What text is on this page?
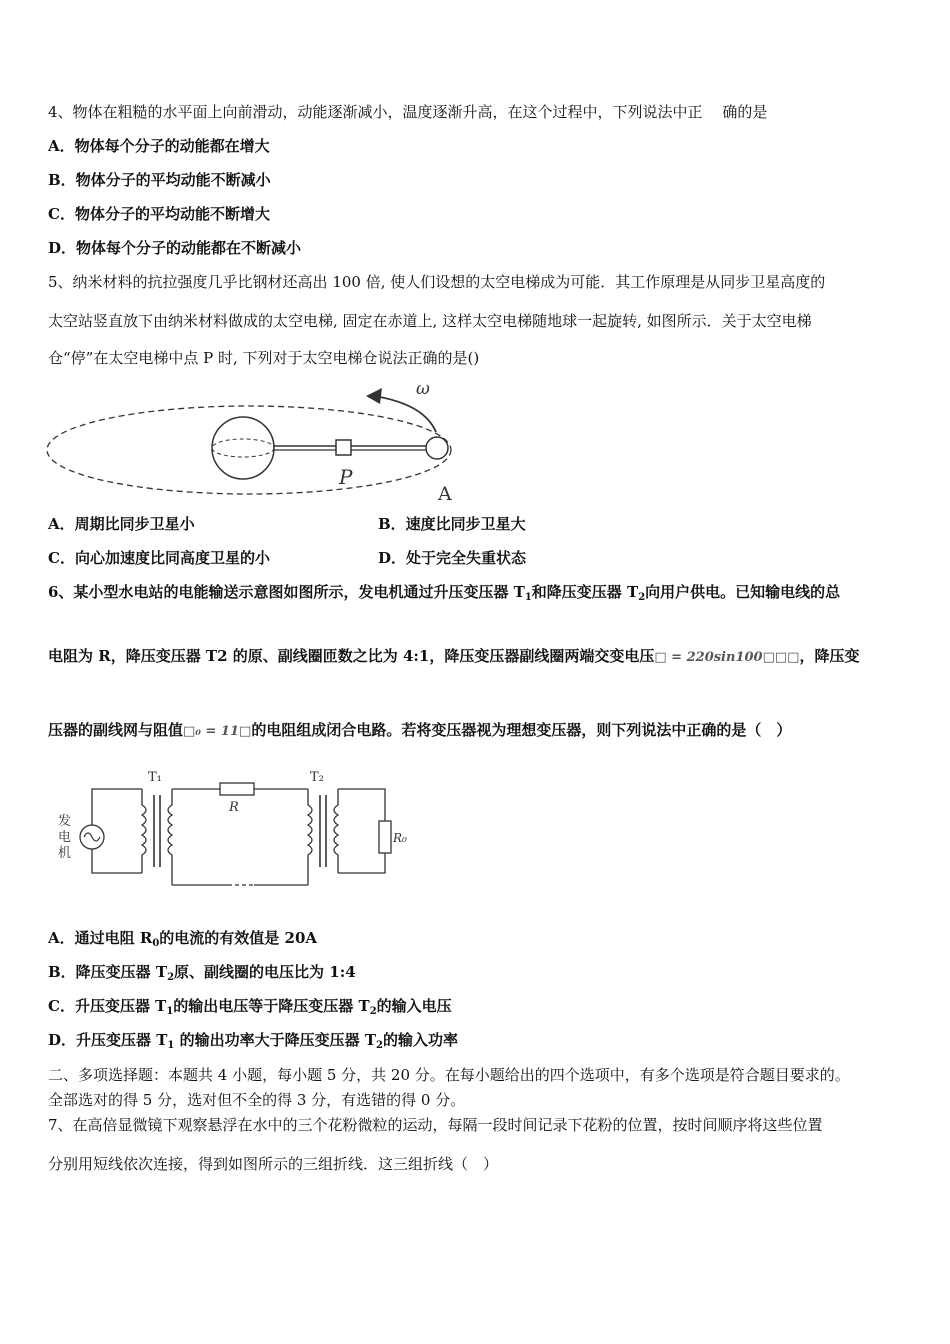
4、物体在粗糙的水平面上向前滑动，动能逐渐减小，温度逐渐升高，在这个过程中，下列说法中正　 确的是
A．物体每个分子的动能都在增大
B．物体分子的平均动能不断减小
C．物体分子的平均动能不断增大
D．物体每个分子的动能都在不断减小
5、纳米材料的抗拉强度几乎比钢材还高出 100 倍, 使人们设想的太空电梯成为可能．其工作原理是从同步卫星高度的
太空站竖直放下由纳米材料做成的太空电梯, 固定在赤道上, 这样太空电梯随地球一起旋转, 如图所示．关于太空电梯
仓“停”在太空电梯中点 P 时, 下列对于太空电梯仓说法正确的是()
ω
P
A
A．周期比同步卫星小	B．速度比同步卫星大
C．向心加速度比同高度卫星的小	D．处于完全失重状态
6、某小型水电站的电能输送示意图如图所示，发电机通过升压变压器 $T_1$和降压变压器 $T_2$向用户供电。已知输电线的总
电阻为 R，降压变压器 T2 的原、副线圈匝数之比为 4:1，降压变压器副线圈两端交变电压□ = 220sin100□□□，降压变
压器的副线网与阻值□₀ = 11□的电阻组成闭合电路。若将变压器视为理想变压器，则下列说法中正确的是（　）
发
电
机
T₁
R
T₂
R₀
A．通过电阻 $R_0$的电流的有效值是 20A
B．降压变压器 $T_2$原、副线圈的电压比为 1:4
C．升压变压器 $T_1$的输出电压等于降压变压器 $T_2$的输入电压
D．升压变压器 $T_1$ 的输出功率大于降压变压器 $T_2$的输入功率
二、多项选择题：本题共 4 小题，每小题 5 分，共 20 分。在每小题给出的四个选项中，有多个选项是符合题目要求的。
全部选对的得 5 分，选对但不全的得 3 分，有选错的得 0 分。
7、在高倍显微镜下观察悬浮在水中的三个花粉微粒的运动，每隔一段时间记录下花粉的位置，按时间顺序将这些位置
分别用短线依次连接，得到如图所示的三组折线．这三组折线（　）
